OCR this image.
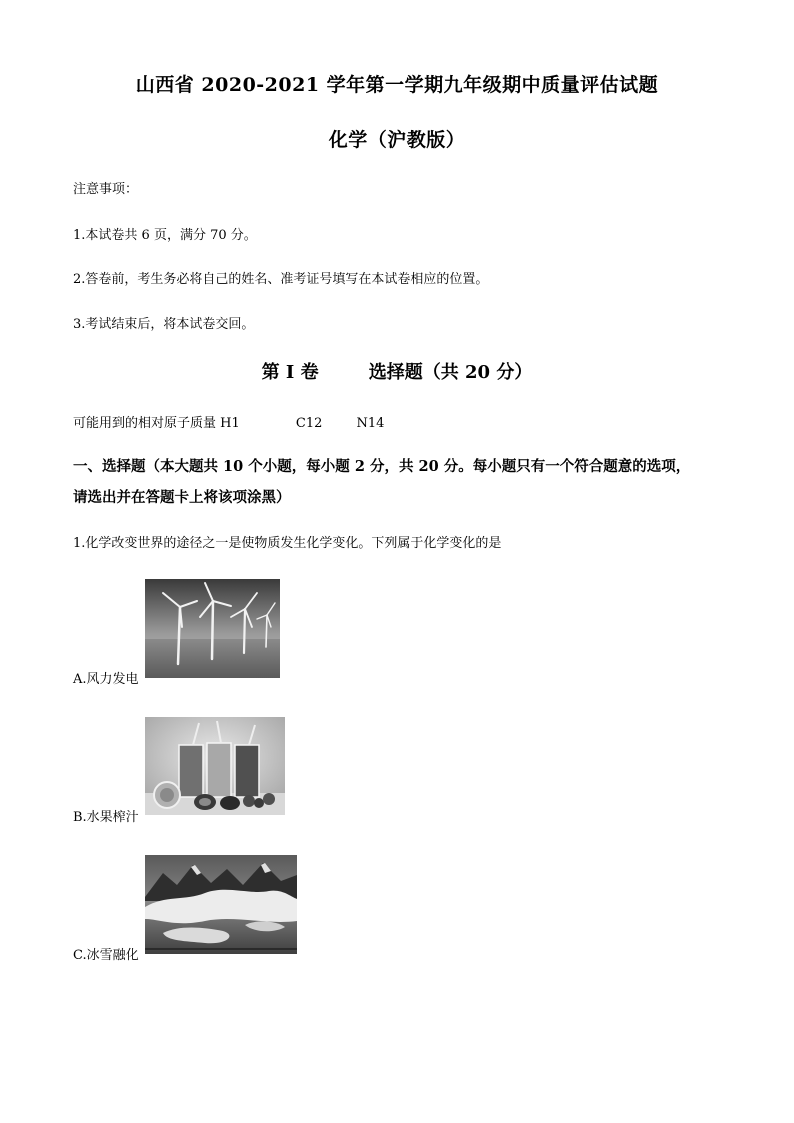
山西省 2020-2021 学年第一学期九年级期中质量评估试题
化学（沪教版）
注意事项：
1.本试卷共 6 页，满分 70 分。
2.答卷前，考生务必将自己的姓名、准考证号填写在本试卷相应的位置。
3.考试结束后，将本试卷交回。
第 Ⅰ 卷        选择题（共 20 分）
可能用到的相对原子质量 H1	C12	N14
一、选择题（本大题共 10 个小题，每小题 2 分，共 20 分。每小题只有一个符合题意的选项，
请选出并在答题卡上将该项涂黑）
1.化学改变世界的途径之一是使物质发生化学变化。下列属于化学变化的是
A.风力发电
B.水果榨汁
C.冰雪融化
